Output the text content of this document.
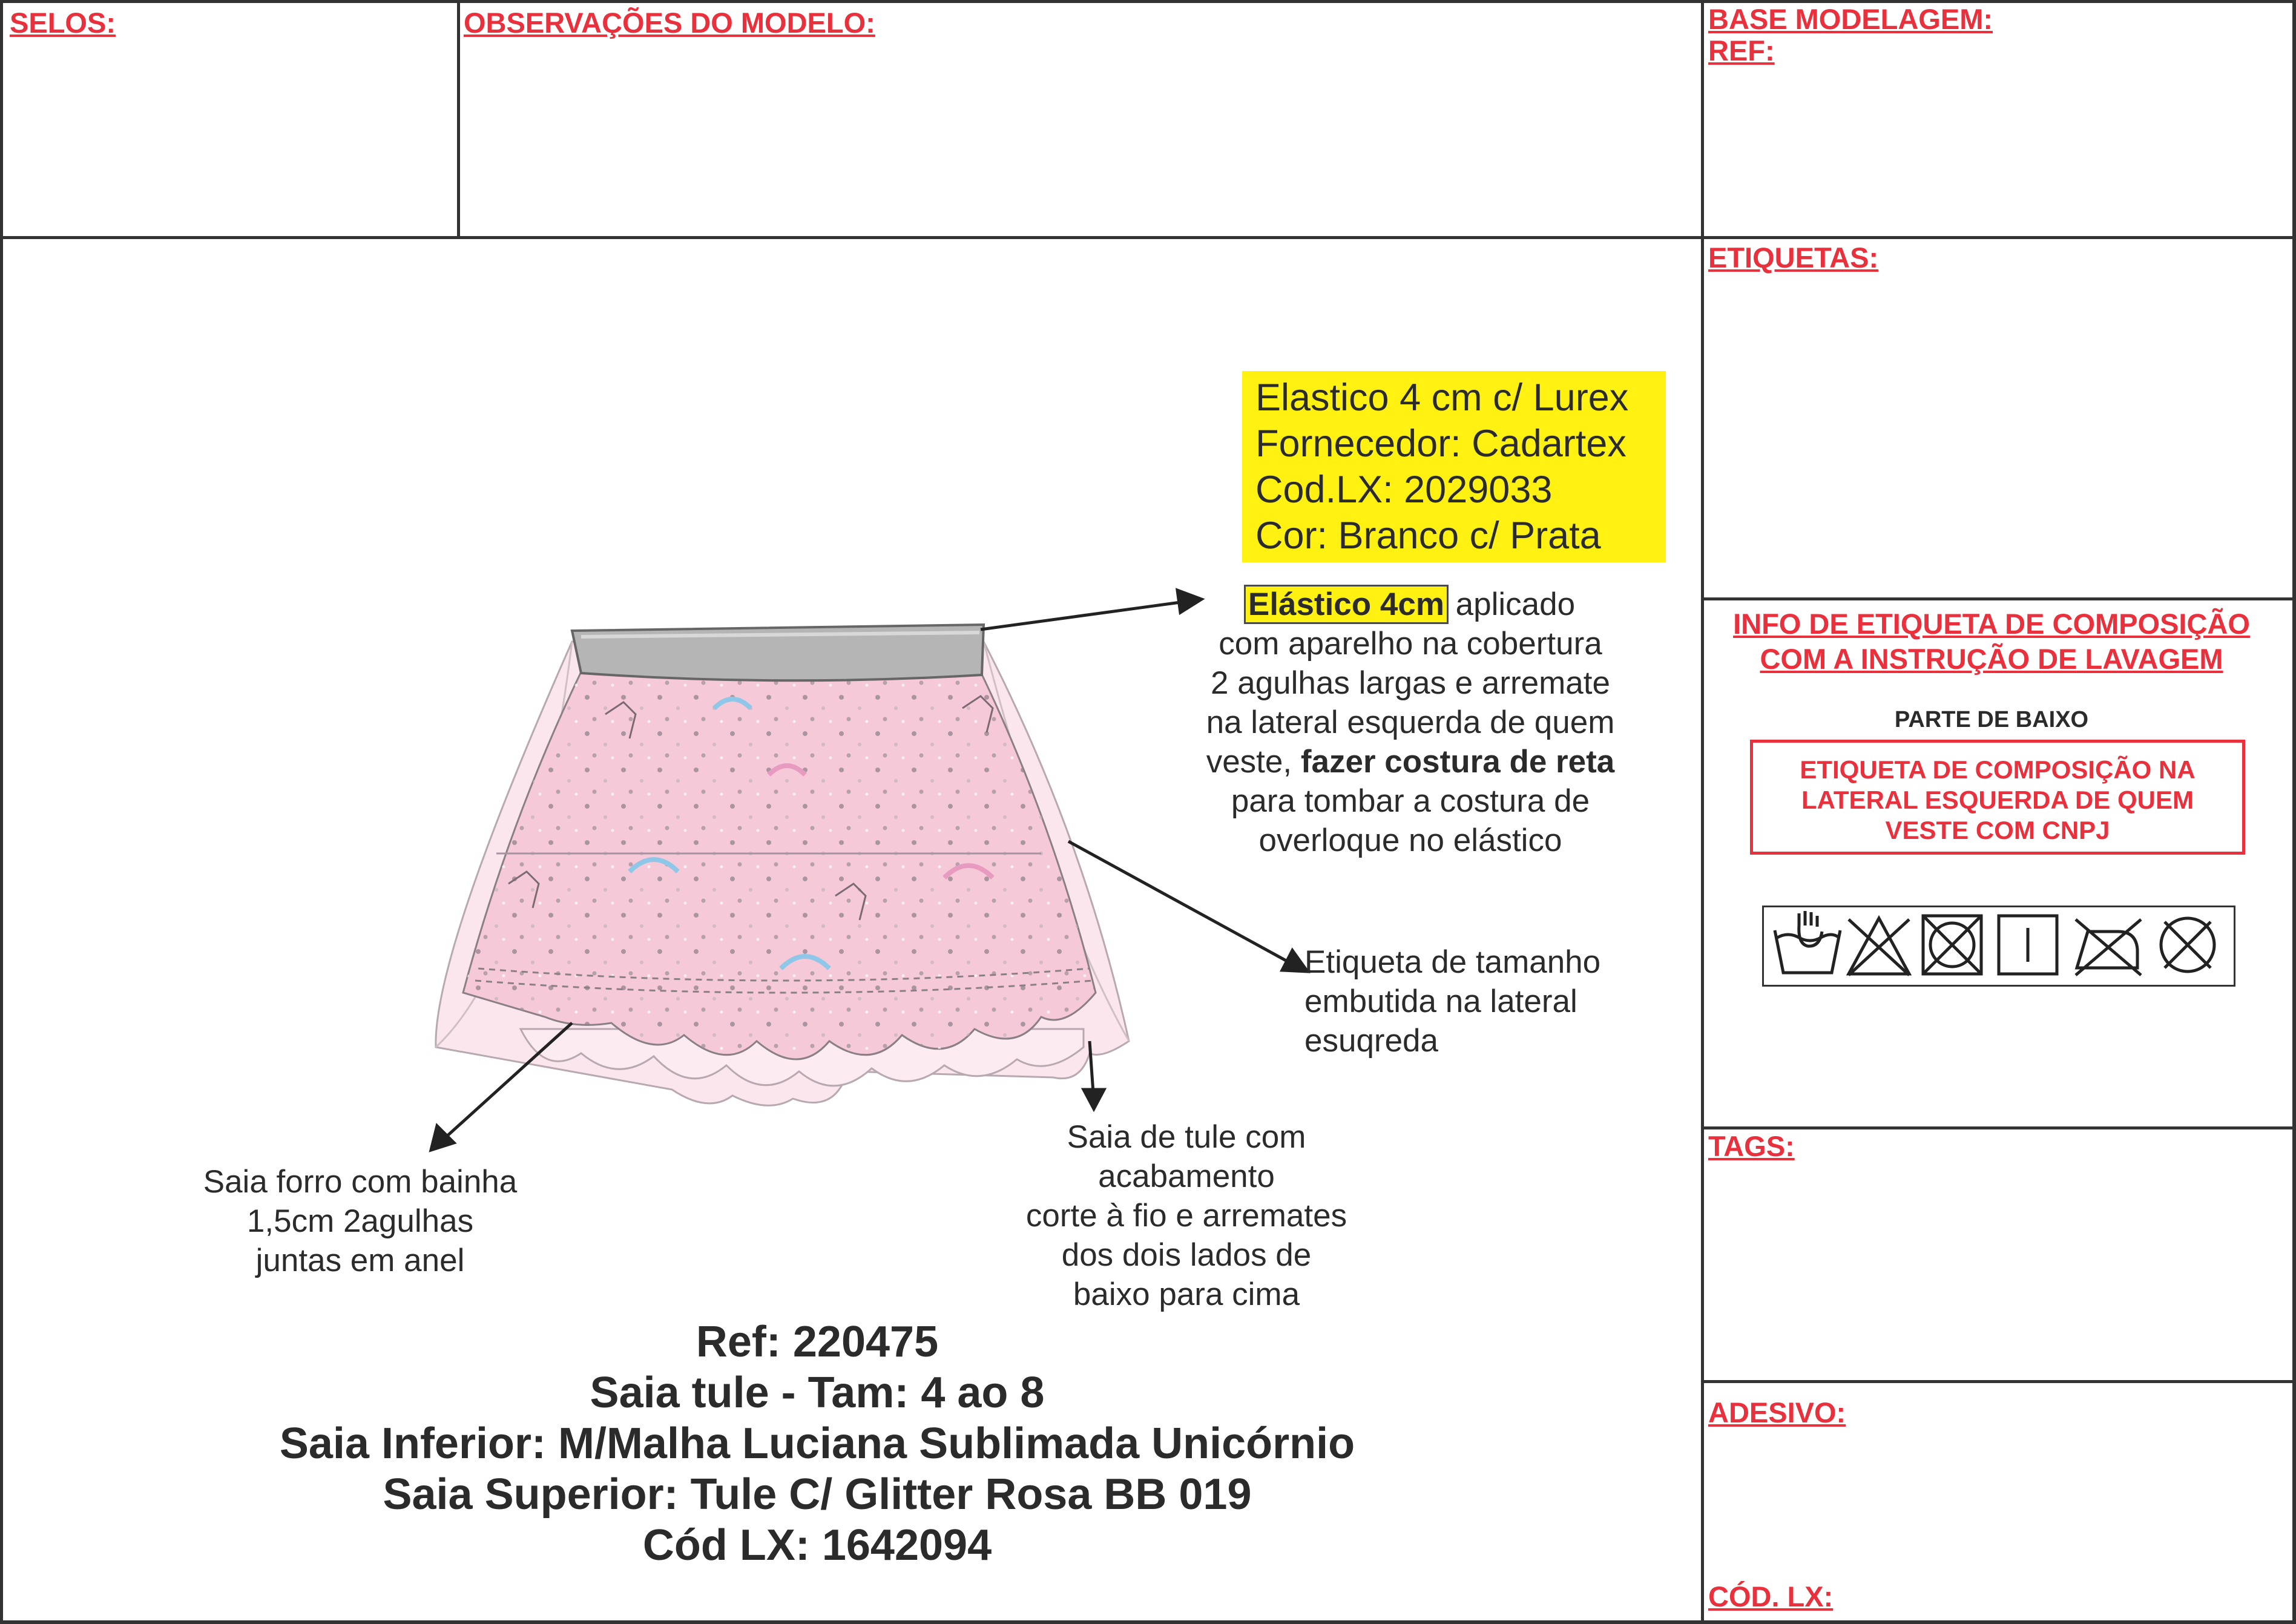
SELOS:	OBSERVAÇÕES DO MODELO:	BASE MODELAGEM:
REF:
ETIQUETAS:
INFO DE ETIQUETA DE COMPOSIÇÃO
COM A INSTRUÇÃO DE LAVAGEM
PARTE DE BAIXO
ETIQUETA DE COMPOSIÇÃO NA
LATERAL ESQUERDA DE QUEM
VESTE COM CNPJ
TAGS:
ADESIVO:
CÓD. LX:
Elastico 4 cm c/ Lurex
Fornecedor: Cadartex
Cod.LX: 2029033
Cor: Branco c/ Prata
Elástico 4cm aplicado
com aparelho na cobertura
2 agulhas largas e arremate
na lateral esquerda de quem
veste, fazer costura de reta
para tombar a costura de
overloque no elástico
Etiqueta de tamanho
embutida na lateral
esuqreda
Saia forro com bainha
1,5cm 2agulhas
juntas em anel
Saia de tule com
acabamento
corte à fio e arremates
dos dois lados de
baixo para cima
Ref: 220475
Saia tule - Tam: 4 ao 8
Saia Inferior: M/Malha Luciana Sublimada Unicórnio
Saia Superior: Tule C/ Glitter Rosa BB 019
Cód LX: 1642094
